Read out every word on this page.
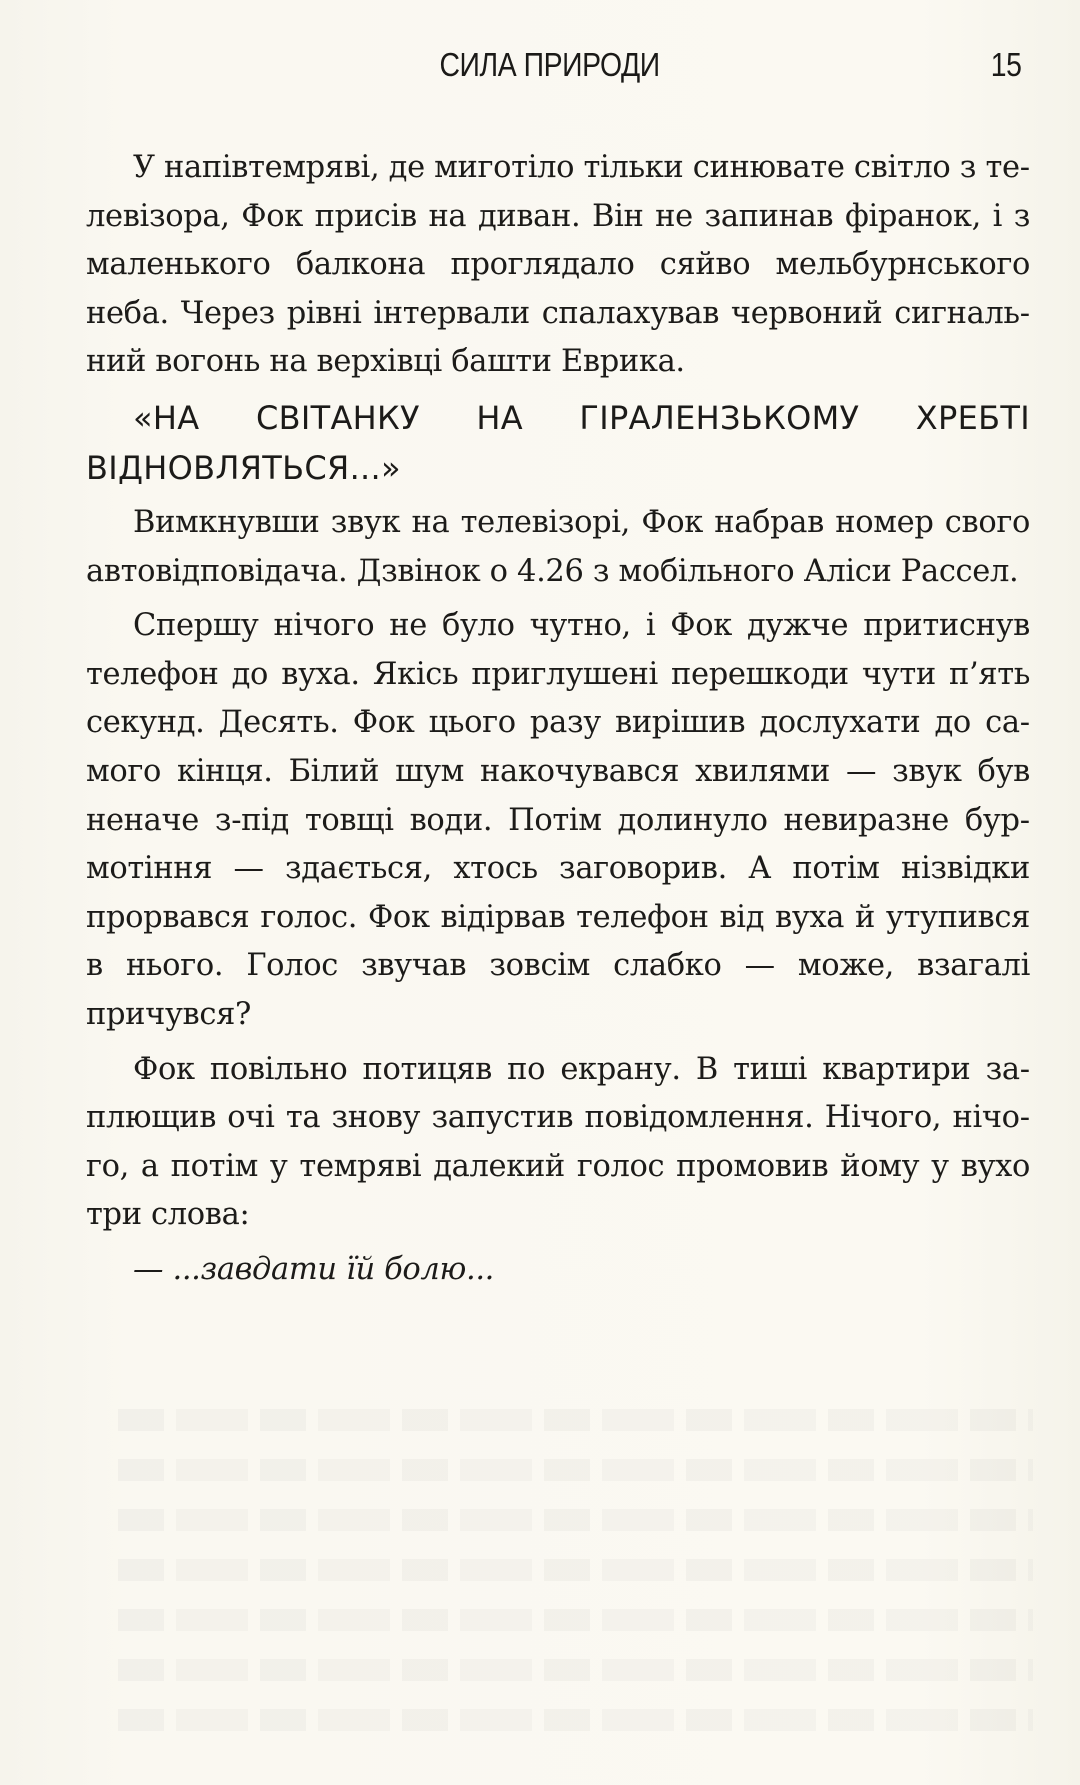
СИЛА ПРИРОДИ	15

У напівтемряві, де миготіло тільки синювате світло з телевізора, Фок присів на диван. Він не запинав фіранок, і з маленького балкона проглядало сяйво мельбурнського неба. Через рівні інтервали спалахував червоний сигнальний вогонь на верхівці башти Еврика.

«НА СВІТАНКУ НА ГІРАЛЕНЗЬКОМУ ХРЕБТІ ВІДНОВЛЯТЬСЯ...»

Вимкнувши звук на телевізорі, Фок набрав номер свого автовідповідача. Дзвінок о 4.26 з мобільного Аліси Рассел.

Спершу нічого не було чутно, і Фок дужче притиснув телефон до вуха. Якісь приглушені перешкоди чути п’ять секунд. Десять. Фок цього разу вирішив дослухати до самого кінця. Білий шум накочувався хвилями — звук був неначе з-під товщі води. Потім долинуло невиразне бурмотіння — здається, хтось заговорив. А потім нізвідки прорвався голос. Фок відірвав телефон від вуха й утупився в нього. Голос звучав зовсім слабко — може, взагалі причувся?

Фок повільно потицяв по екрану. В тиші квартири заплющив очі та знову запустив повідомлення. Нічого, нічого, а потім у темряві далекий голос промовив йому у вухо три слова:

— ...завдати їй болю...
